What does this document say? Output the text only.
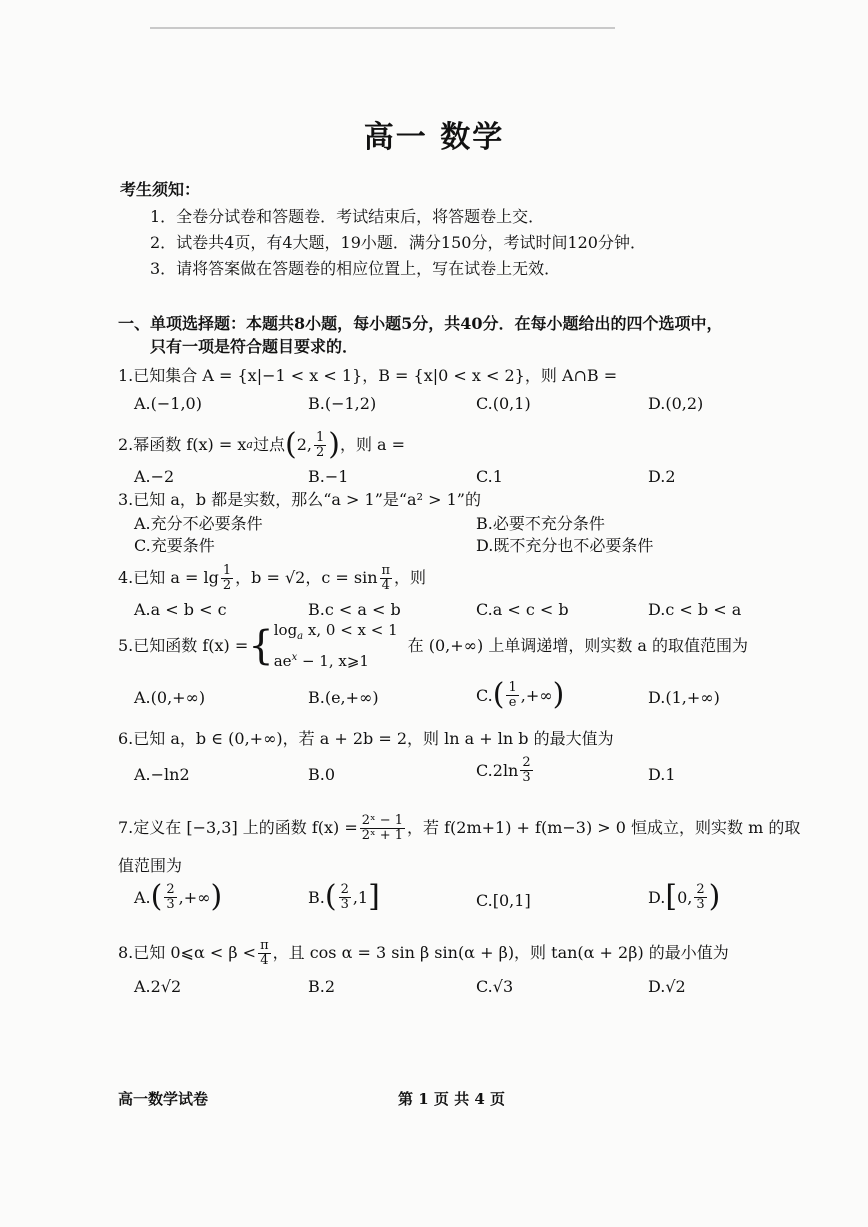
高一 数学
考生须知：
1．全卷分试卷和答题卷．考试结束后，将答题卷上交．
2．试卷共4页，有4大题，19小题．满分150分，考试时间120分钟．
3．请将答案做在答题卷的相应位置上，写在试卷上无效．
一、单项选择题：本题共8小题，每小题5分，共40分．在每小题给出的四个选项中，
只有一项是符合题目要求的．
1.已知集合 A = {x|−1 < x < 1}，B = {x|0 < x < 2}，则 A∩B =
A.(−1,0)	B.(−1,2)	C.(0,1)	D.(0,2)
2.幂函数 f(x) = x a 过点 ( 2, $\frac{1}{2}$ ) ，则 a =
A.−2	B.−1	C.1	D.2
3.已知 a，b 都是实数，那么“a > 1”是“a² > 1”的
A.充分不必要条件	B.必要不充分条件
C.充要条件	D.既不充分也不必要条件
4.已知 $a = \lg \frac{1}{2}$ ，b = √2，$c = \sin \frac{\pi}{4}$ ，则
A.a < b < c	B.c < a < b	C.a < c < b	D.c < b < a
5.已知函数 f(x) = { $\log_a x$, 0 < x < 1
$ae^x - 1$, x⩾1
在 (0,+∞) 上单调递增，则实数 a 的取值范围为
A.(0,+∞)	B.(e,+∞)	C. ( $\frac{1}{e}$ ,+∞ )	D.(1,+∞)
6.已知 a，b ∈ (0,+∞)，若 a + 2b = 2，则 ln a + ln b 的最大值为
A.−ln2	B.0	$C.2\ln \frac{2}{3}$	D.1
7.定义在 [−3,3] 上的函数 $f(x) = \frac{\text{2ˣ − 1}}{\text{2ˣ + 1}}$ ，若 f(2m+1) + f(m−3) > 0 恒成立，则实数 m 的取
值范围为
A. ( $\frac{2}{3}$ ,+∞ )	B. ( $\frac{2}{3} ,1$ ]	C.[0,1]	D. [ 0, $\frac{2}{3}$ )
8.已知 0⩽α < $\beta < \frac{\pi}{4}$ ，且 cos α = 3 sin β sin(α + β)，则 tan(α + 2β) 的最小值为
A.2√2	B.2	C.√3	D.√2
高一数学试卷	第 1 页 共 4 页
